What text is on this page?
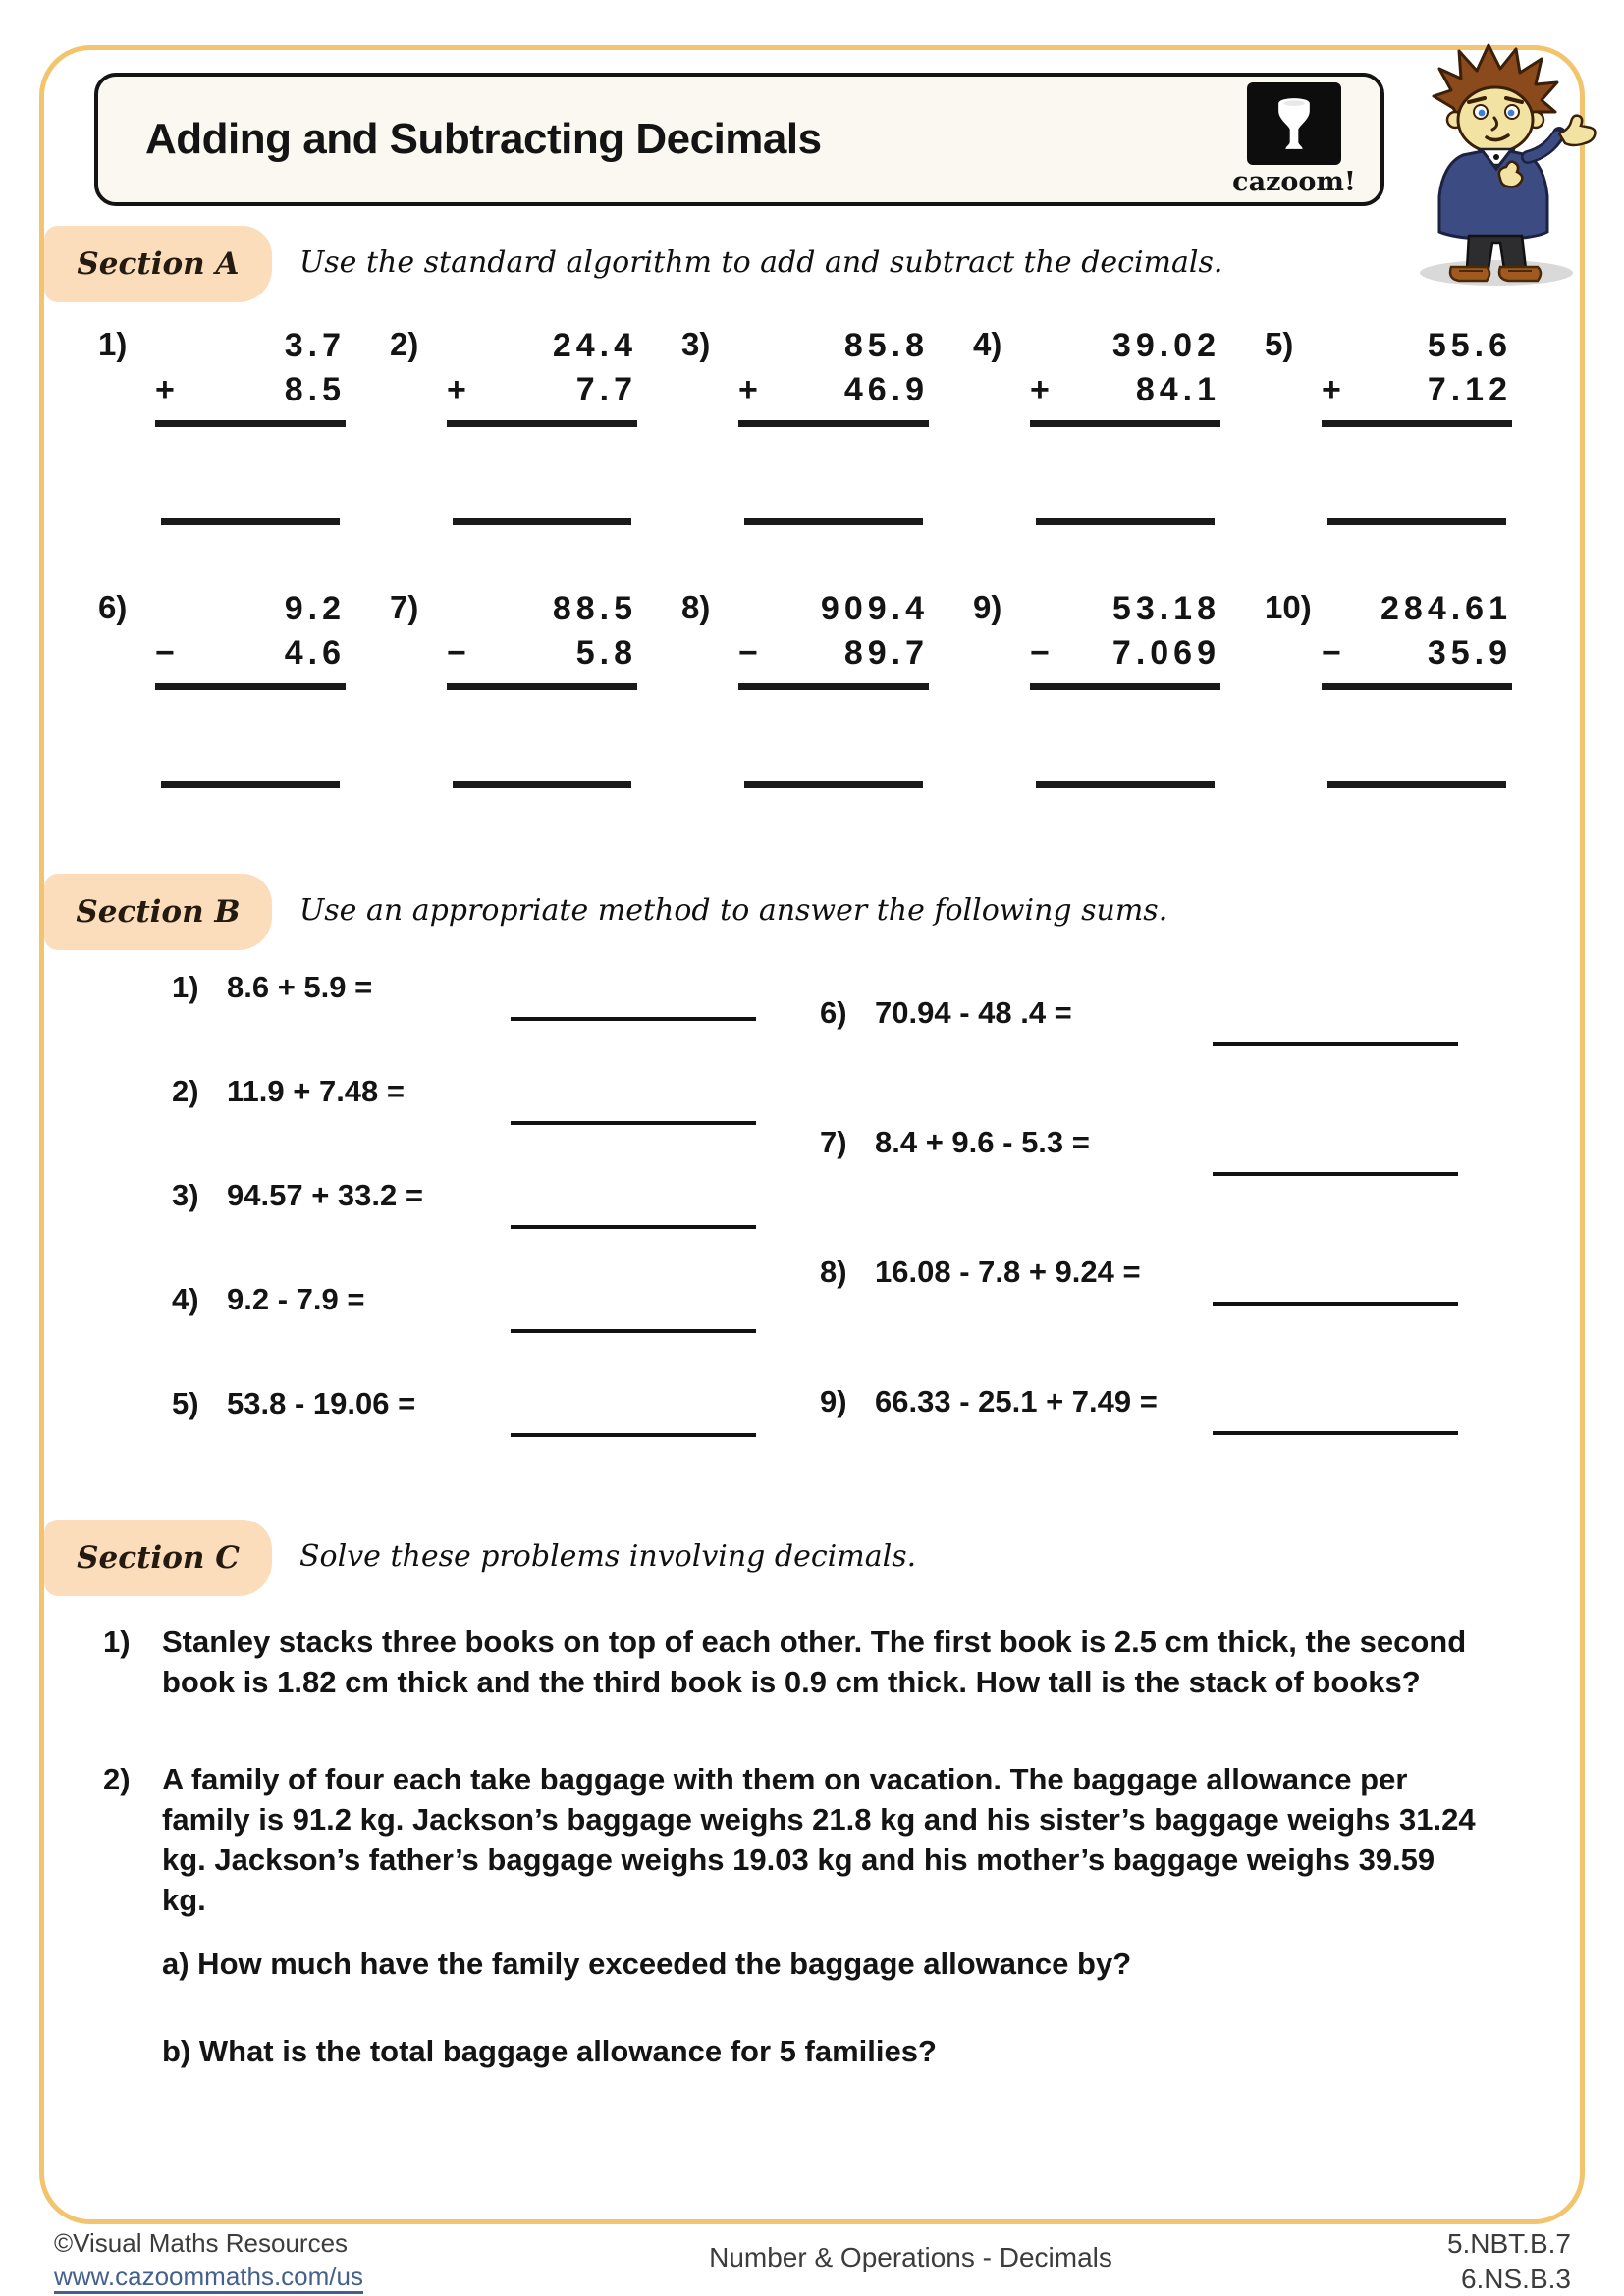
Adding and Subtracting Decimals
cazoom!
Section A Use the standard algorithm to add and subtract the decimals.
1)	3.7
+	8.5
2)	24.4
+	7.7
3)	85.8
+ 46.9
4)	39.02
+ 84.1
5)	55.6
+ 7.12
6)	9.2
−	4.6
7)	88.5
−	5.8
8)	909.4
− 89.7
9)	53.18
− 7.069
10)	284.61
− 35.9
Section B Use an appropriate method to answer the following sums.
1) 8.6 + 5.9 =
2) 11.9 + 7.48 =
3) 94.57 + 33.2 =
4) 9.2 - 7.9 =
5) 53.8 - 19.06 =
6) 70.94 - 48 .4 =
7) 8.4 + 9.6 - 5.3 =
8) 16.08 - 7.8 + 9.24 =
9) 66.33 - 25.1 + 7.49 =
Section C Solve these problems involving decimals.
1)	Stanley stacks three books on top of each other. The first book is 2.5 cm thick, the second book is 1.82 cm thick and the third book is 0.9 cm thick. How tall is the stack of books?
2)	A family of four each take baggage with them on vacation. The baggage allowance per family is 91.2 kg. Jackson’s baggage weighs 21.8 kg and his sister’s baggage weighs 31.24 kg. Jackson’s father’s baggage weighs 19.03 kg and his mother’s baggage weighs 39.59 kg.
a) How much have the family exceeded the baggage allowance by?
b) What is the total baggage allowance for 5 families?
©Visual Maths Resources
www.cazoommaths.com/us
Number & Operations - Decimals	5.NBT.B.7
6.NS.B.3
